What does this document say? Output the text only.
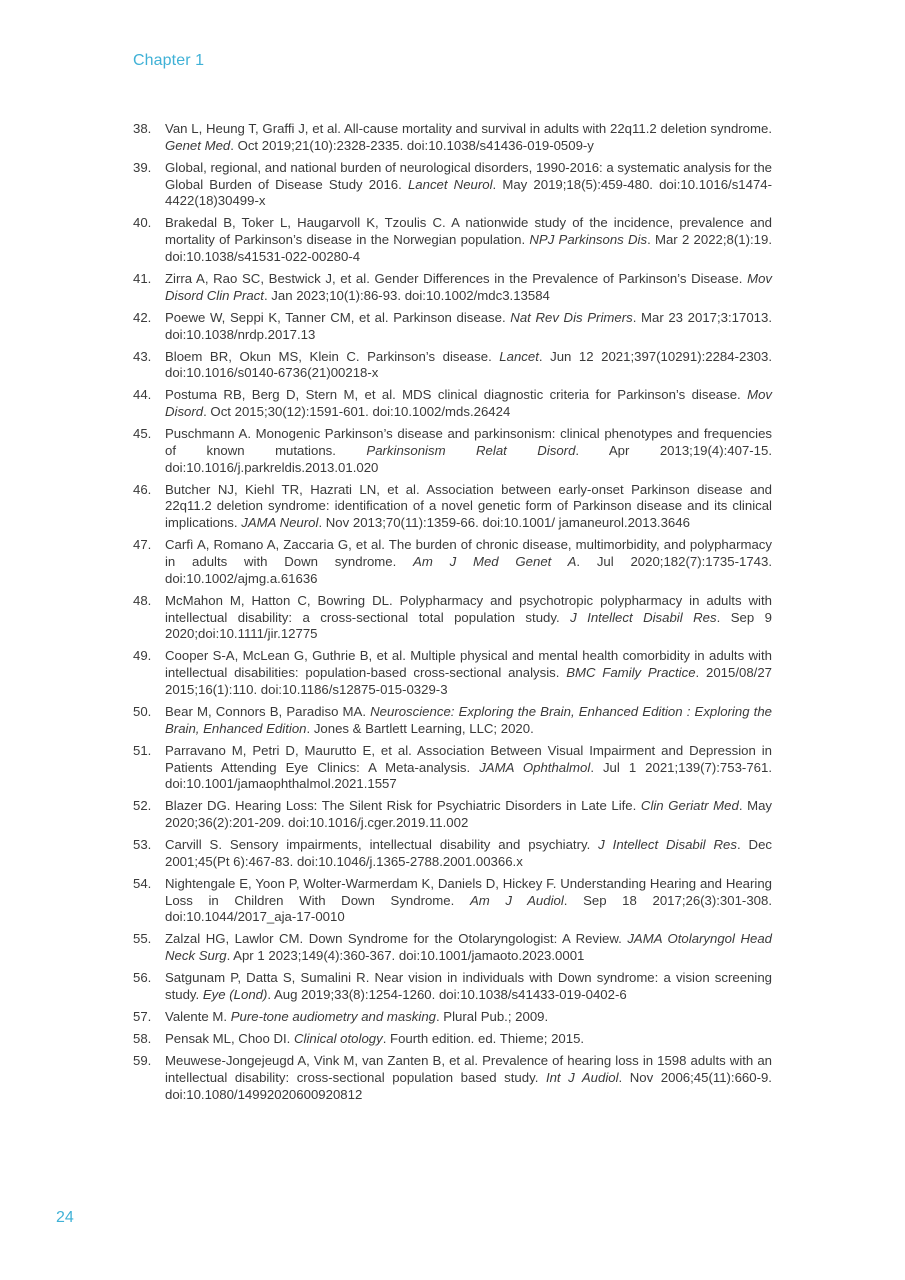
Chapter 1
38.	Van L, Heung T, Graffi J, et al. All-cause mortality and survival in adults with 22q11.2 deletion syndrome. Genet Med. Oct 2019;21(10):2328-2335. doi:10.1038/s41436-019-0509-y
39.	Global, regional, and national burden of neurological disorders, 1990-2016: a systematic analysis for the Global Burden of Disease Study 2016. Lancet Neurol. May 2019;18(5):459-480. doi:10.1016/s1474-4422(18)30499-x
40.	Brakedal B, Toker L, Haugarvoll K, Tzoulis C. A nationwide study of the incidence, prevalence and mortality of Parkinson’s disease in the Norwegian population. NPJ Parkinsons Dis. Mar 2 2022;8(1):19. doi:10.1038/s41531-022-00280-4
41.	Zirra A, Rao SC, Bestwick J, et al. Gender Differences in the Prevalence of Parkinson’s Disease. Mov Disord Clin Pract. Jan 2023;10(1):86-93. doi:10.1002/mdc3.13584
42.	Poewe W, Seppi K, Tanner CM, et al. Parkinson disease. Nat Rev Dis Primers. Mar 23 2017;3:17013. doi:10.1038/nrdp.2017.13
43.	Bloem BR, Okun MS, Klein C. Parkinson’s disease. Lancet. Jun 12 2021;397(10291):2284-2303. doi:10.1016/s0140-6736(21)00218-x
44.	Postuma RB, Berg D, Stern M, et al. MDS clinical diagnostic criteria for Parkinson’s disease. Mov Disord. Oct 2015;30(12):1591-601. doi:10.1002/mds.26424
45.	Puschmann A. Monogenic Parkinson’s disease and parkinsonism: clinical phenotypes and frequencies of known mutations. Parkinsonism Relat Disord. Apr 2013;19(4):407-15. doi:10.1016/j.parkreldis.2013.01.020
46.	Butcher NJ, Kiehl TR, Hazrati LN, et al. Association between early-onset Parkinson disease and 22q11.2 deletion syndrome: identification of a novel genetic form of Parkinson disease and its clinical implications. JAMA Neurol. Nov 2013;70(11):1359-66. doi:10.1001/ jamaneurol.2013.3646
47.	Carfì A, Romano A, Zaccaria G, et al. The burden of chronic disease, multimorbidity, and polypharmacy in adults with Down syndrome. Am J Med Genet A. Jul 2020;182(7):1735-1743. doi:10.1002/ajmg.a.61636
48.	McMahon M, Hatton C, Bowring DL. Polypharmacy and psychotropic polypharmacy in adults with intellectual disability: a cross-sectional total population study. J Intellect Disabil Res. Sep 9 2020;doi:10.1111/jir.12775
49.	Cooper S-A, McLean G, Guthrie B, et al. Multiple physical and mental health comorbidity in adults with intellectual disabilities: population-based cross-sectional analysis. BMC Family Practice. 2015/08/27 2015;16(1):110. doi:10.1186/s12875-015-0329-3
50.	Bear M, Connors B, Paradiso MA. Neuroscience: Exploring the Brain, Enhanced Edition : Exploring the Brain, Enhanced Edition. Jones & Bartlett Learning, LLC; 2020.
51.	Parravano M, Petri D, Maurutto E, et al. Association Between Visual Impairment and Depression in Patients Attending Eye Clinics: A Meta-analysis. JAMA Ophthalmol. Jul 1 2021;139(7):753-761. doi:10.1001/jamaophthalmol.2021.1557
52.	Blazer DG. Hearing Loss: The Silent Risk for Psychiatric Disorders in Late Life. Clin Geriatr Med. May 2020;36(2):201-209. doi:10.1016/j.cger.2019.11.002
53.	Carvill S. Sensory impairments, intellectual disability and psychiatry. J Intellect Disabil Res. Dec 2001;45(Pt 6):467-83. doi:10.1046/j.1365-2788.2001.00366.x
54.	Nightengale E, Yoon P, Wolter-Warmerdam K, Daniels D, Hickey F. Understanding Hearing and Hearing Loss in Children With Down Syndrome. Am J Audiol. Sep 18 2017;26(3):301-308. doi:10.1044/2017_aja-17-0010
55.	Zalzal HG, Lawlor CM. Down Syndrome for the Otolaryngologist: A Review. JAMA Otolaryngol Head Neck Surg. Apr 1 2023;149(4):360-367. doi:10.1001/jamaoto.2023.0001
56.	Satgunam P, Datta S, Sumalini R. Near vision in individuals with Down syndrome: a vision screening study. Eye (Lond). Aug 2019;33(8):1254-1260. doi:10.1038/s41433-019-0402-6
57.	Valente M. Pure-tone audiometry and masking. Plural Pub.; 2009.
58.	Pensak ML, Choo DI. Clinical otology. Fourth edition. ed. Thieme; 2015.
59.	Meuwese-Jongejeugd A, Vink M, van Zanten B, et al. Prevalence of hearing loss in 1598 adults with an intellectual disability: cross-sectional population based study. Int J Audiol. Nov 2006;45(11):660-9. doi:10.1080/14992020600920812
24
